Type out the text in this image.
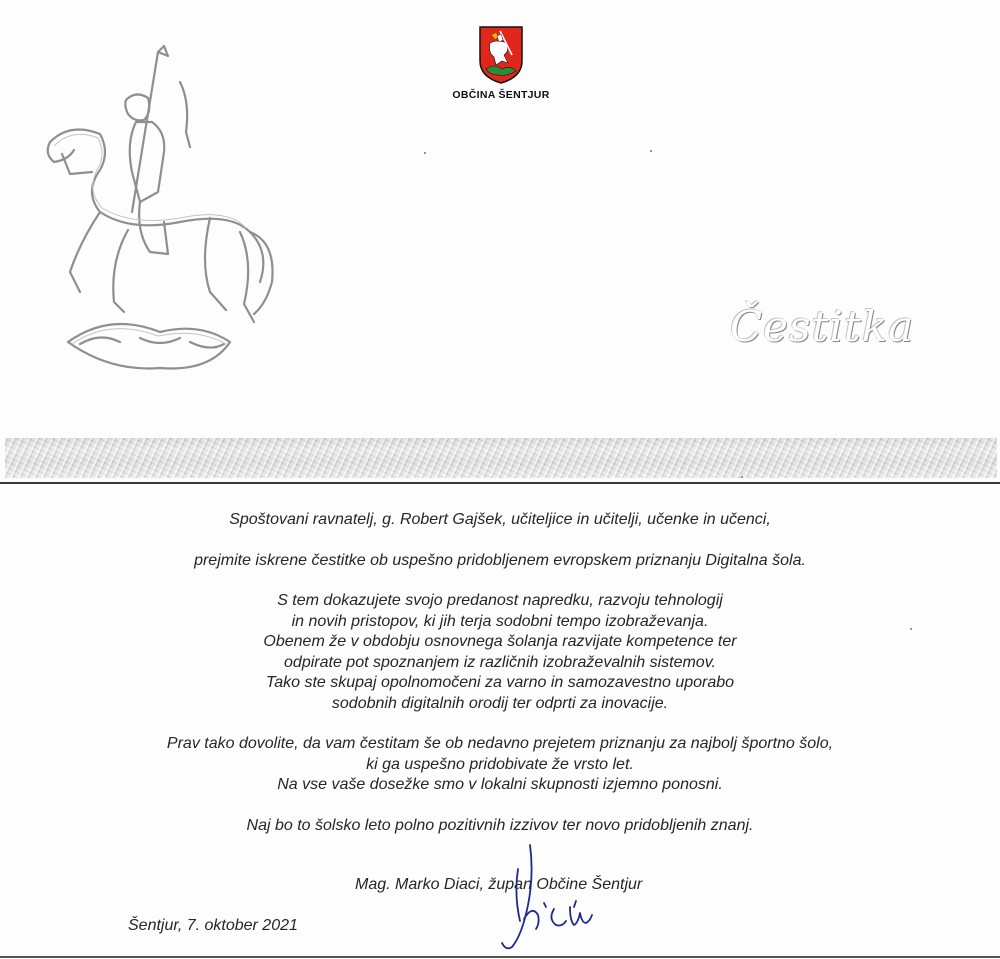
OBČINA ŠENTJUR
Čestitka

Spoštovani ravnatelj, g. Robert Gajšek, učiteljice in učitelji, učenke in učenci,

prejmite iskrene čestitke ob uspešno pridobljenem evropskem priznanju Digitalna šola.

S tem dokazujete svojo predanost napredku, razvoju tehnologij

in novih pristopov, ki jih terja sodobni tempo izobraževanja.

Obenem že v obdobju osnovnega šolanja razvijate kompetence ter

odpirate pot spoznanjem iz različnih izobraževalnih sistemov.

Tako ste skupaj opolnomočeni za varno in samozavestno uporabo

sodobnih digitalnih orodij ter odprti za inovacije.

Prav tako dovolite, da vam čestitam še ob nedavno prejetem priznanju za najbolj športno šolo,

ki ga uspešno pridobivate že vrsto let.

Na vse vaše dosežke smo v lokalni skupnosti izjemno ponosni.

Naj bo to šolsko leto polno pozitivnih izzivov ter novo pridobljenih znanj.

Mag. Marko Diaci, župan Občine Šentjur
Šentjur, 7. oktober 2021
